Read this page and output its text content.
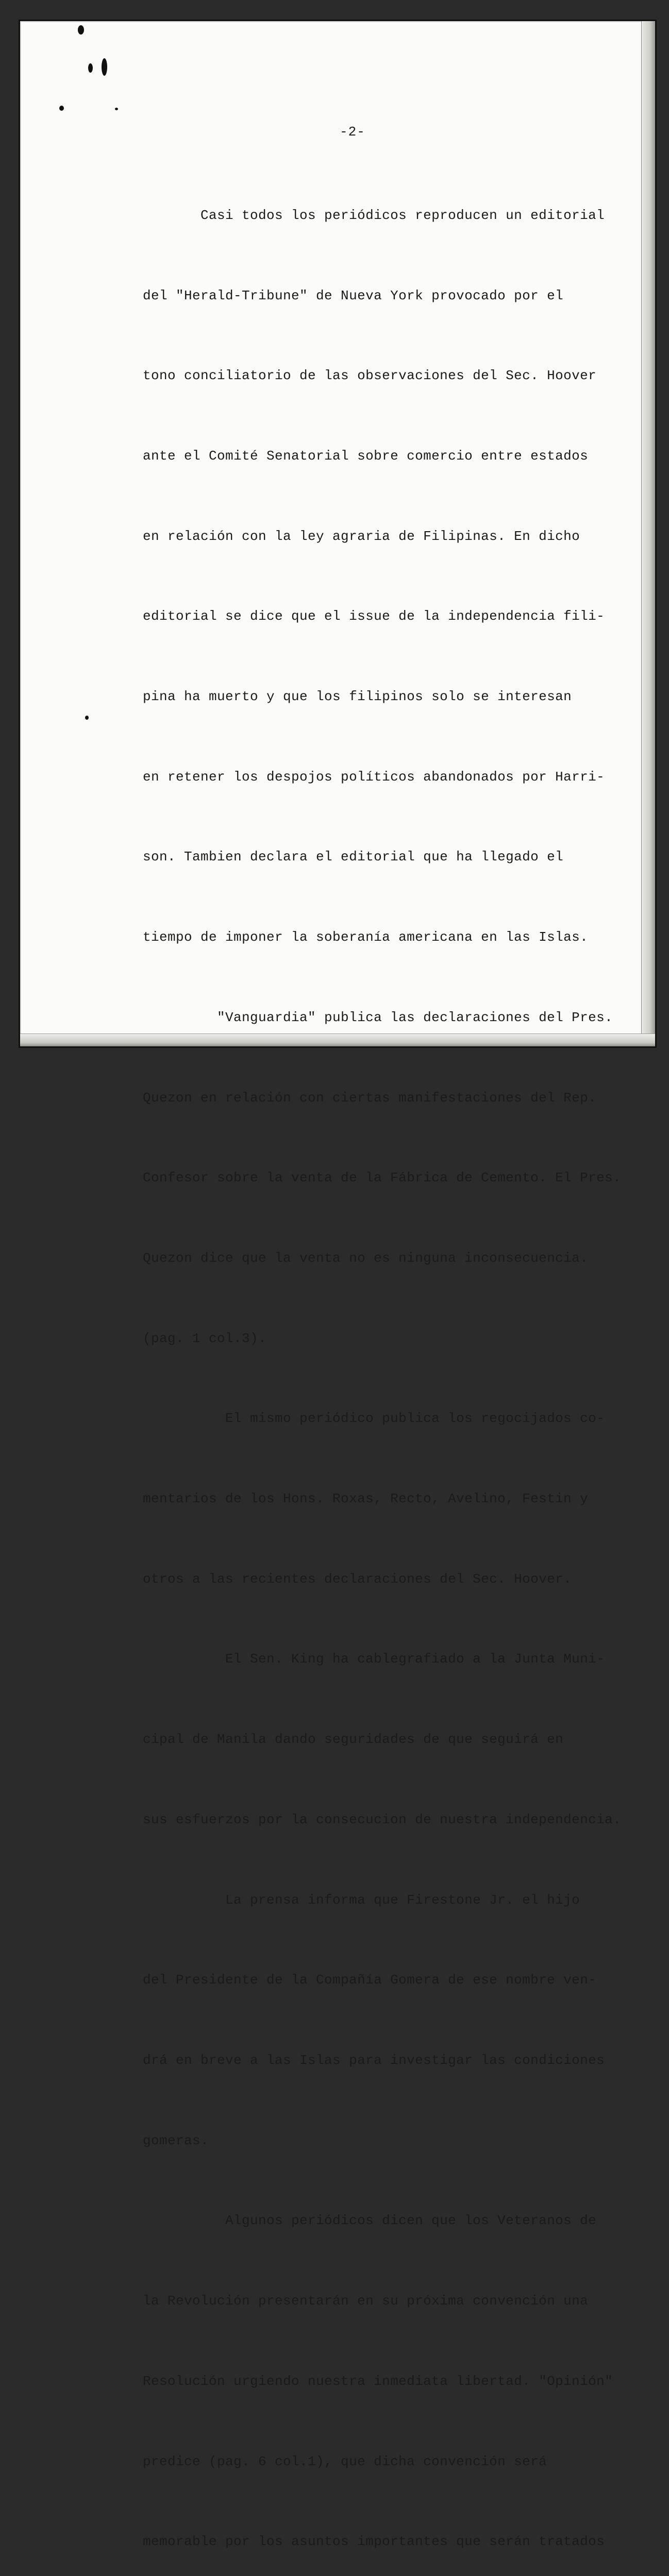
-2-

Casi todos los periódicos reproducen un editorial

del "Herald-Tribune" de Nueva York provocado por el

tono conciliatorio de las observaciones del Sec. Hoover

ante el Comité Senatorial sobre comercio entre estados

en relación con la ley agraria de Filipinas. En dicho

editorial se dice que el issue de la independencia fili-

pina ha muerto y que los filipinos solo se interesan

en retener los despojos políticos abandonados por Harri-

son. Tambien declara el editorial que ha llegado el

tiempo de imponer la soberanía americana en las Islas.

"Vanguardia" publica las declaraciones del Pres.

Quezon en relación con ciertas manifestaciones del Rep.

Confesor sobre la venta de la Fábrica de Cemento. El Pres.

Quezon dice que la venta no es ninguna inconsecuencia.

(pag. 1 col.3).

El mismo periódico publica los regocijados co-

mentarios de los Hons. Roxas, Recto, Avelino, Festin y

otros a las recientes declaraciones del Sec. Hoover.

El Sen. King ha cablegrafiado a la Junta Muni-

cipal de Manila dando seguridades de que seguirá en

sus esfuerzos por la consecucion de nuestra independencia.

La prensa informa que Firestone Jr. el hijo

del Presidente de la Compañía Gomera de ese nombre ven-

drá en breve a las Islas para investigar las condiciones

gomeras.

Algunos periódicos dicen que los Veteranos de

la Revolución presentarán en su próxima convención una

Resolución urgiendo nuestra inmediata libertad. "Opinión"

predice (pag. 6 col.1), que dicha convención será

memorable por los asuntos importantes que serán tratados
